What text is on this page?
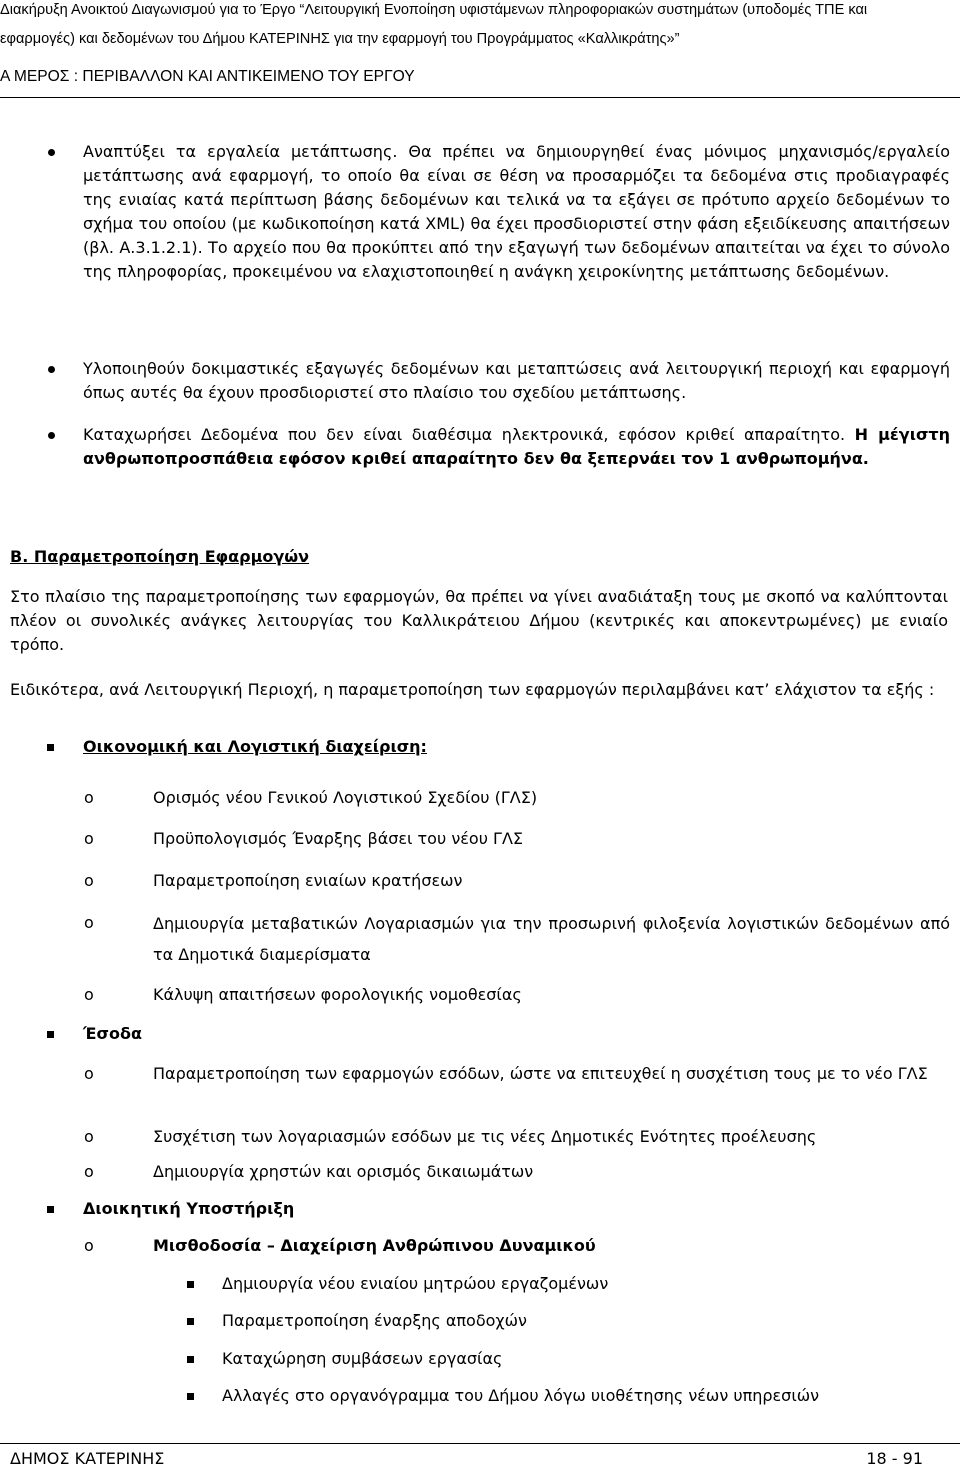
Διακήρυξη Ανοικτού Διαγωνισμού για το Έργο “Λειτουργική Ενοποίηση υφιστάμενων πληροφοριακών συστημάτων (υποδομές ΤΠΕ και
εφαρμογές) και δεδομένων του Δήμου ΚΑΤΕΡΙΝΗΣ για την εφαρμογή του Προγράμματος «Καλλικράτης»”
Α ΜΕΡΟΣ : ΠΕΡΙΒΑΛΛΟΝ ΚΑΙ ΑΝΤΙΚΕΙΜΕΝΟ ΤΟΥ ΕΡΓΟΥ
Αναπτύξει τα εργαλεία μετάπτωσης. Θα πρέπει να δημιουργηθεί ένας μόνιμος μηχανισμός/εργαλείο μετάπτωσης ανά εφαρμογή, το οποίο θα είναι σε θέση να προσαρμόζει τα δεδομένα στις προδιαγραφές της ενιαίας κατά περίπτωση βάσης δεδομένων και τελικά να τα εξάγει σε πρότυπο αρχείο δεδομένων το σχήμα του οποίου (με κωδικοποίηση κατά XML) θα έχει προσδιοριστεί στην φάση εξειδίκευσης απαιτήσεων (βλ. Α.3.1.2.1). Το αρχείο που θα προκύπτει από την εξαγωγή των δεδομένων απαιτείται να έχει το σύνολο της πληροφορίας, προκειμένου να ελαχιστοποιηθεί η ανάγκη χειροκίνητης μετάπτωσης δεδομένων.
Υλοποιηθούν δοκιμαστικές εξαγωγές δεδομένων και μεταπτώσεις ανά λειτουργική περιοχή και εφαρμογή όπως αυτές θα έχουν προσδιοριστεί στο πλαίσιο του σχεδίου μετάπτωσης.
Καταχωρήσει Δεδομένα που δεν είναι διαθέσιμα ηλεκτρονικά, εφόσον κριθεί απαραίτητο. Η μέγιστη ανθρωποπροσπάθεια εφόσον κριθεί απαραίτητο δεν θα ξεπερνάει τον 1 ανθρωπομήνα.
Β. Παραμετροποίηση Εφαρμογών
Στο πλαίσιο της παραμετροποίησης των εφαρμογών, θα πρέπει να γίνει αναδιάταξη τους με σκοπό να καλύπτονται πλέον οι συνολικές ανάγκες λειτουργίας του Καλλικράτειου Δήμου (κεντρικές και αποκεντρωμένες) με ενιαίο τρόπο.
Ειδικότερα, ανά Λειτουργική Περιοχή, η παραμετροποίηση των εφαρμογών περιλαμβάνει κατ’ ελάχιστον τα εξής :
Οικονομική και Λογιστική διαχείριση:
o	Ορισμός νέου Γενικού Λογιστικού Σχεδίου (ΓΛΣ)
o	Προϋπολογισμός Έναρξης βάσει του νέου ΓΛΣ
o	Παραμετροποίηση ενιαίων κρατήσεων
o	Δημιουργία μεταβατικών Λογαριασμών για την προσωρινή φιλοξενία λογιστικών δεδομένων από τα Δημοτικά διαμερίσματα
o	Κάλυψη απαιτήσεων φορολογικής νομοθεσίας
Έσοδα
o	Παραμετροποίηση των εφαρμογών εσόδων, ώστε να επιτευχθεί η συσχέτιση τους με το νέο ΓΛΣ
o	Συσχέτιση των λογαριασμών εσόδων με τις νέες Δημοτικές Ενότητες προέλευσης
o	Δημιουργία χρηστών και ορισμός δικαιωμάτων
Διοικητική Υποστήριξη
o	Μισθοδοσία – Διαχείριση Ανθρώπινου Δυναμικού
Δημιουργία νέου ενιαίου μητρώου εργαζομένων
Παραμετροποίηση έναρξης αποδοχών
Καταχώρηση συμβάσεων εργασίας
Αλλαγές στο οργανόγραμμα του Δήμου λόγω υιοθέτησης νέων υπηρεσιών
ΔΗΜΟΣ ΚΑΤΕΡΙΝΗΣ	18 - 91
